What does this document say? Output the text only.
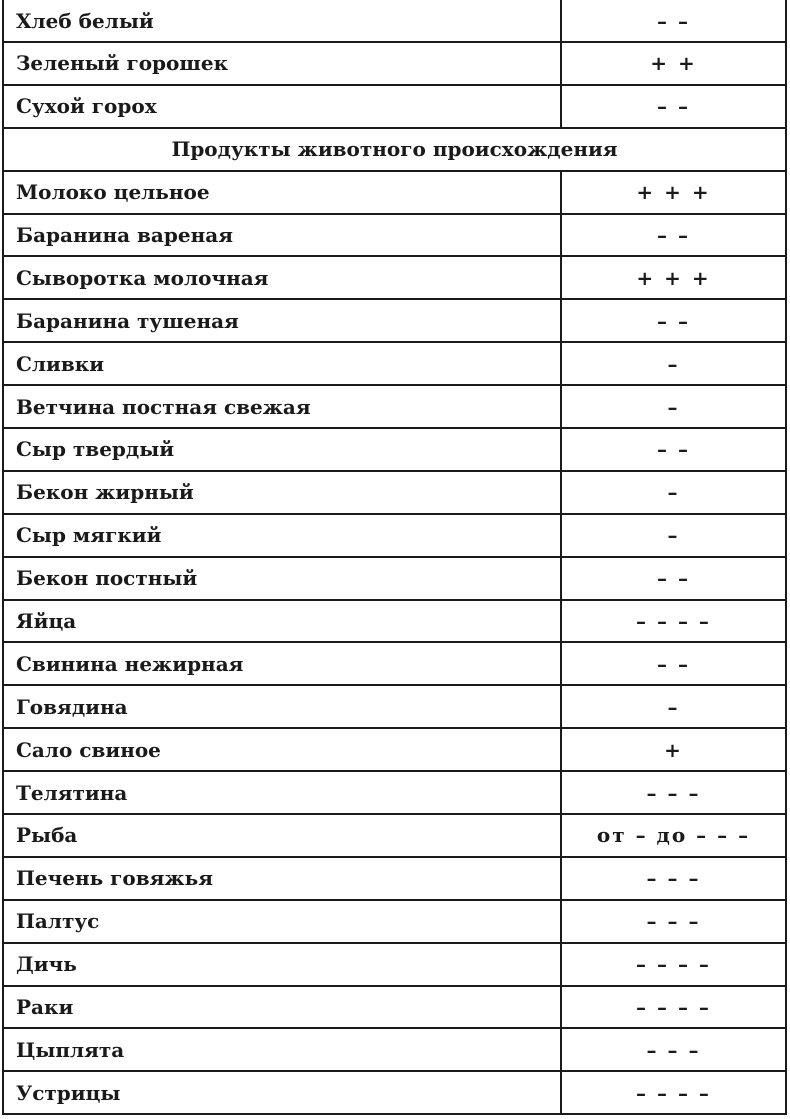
Хлеб белый	– –
Зеленый горошек	+ +
Сухой горох	– –
Продукты животного происхождения
Молоко цельное	+ + +
Баранина вареная	– –
Сыворотка молочная	+ + +
Баранина тушеная	– –
Сливки	–
Ветчина постная свежая	–
Сыр твердый	– –
Бекон жирный	–
Сыр мягкий	–
Бекон постный	– –
Яйца	– – – –
Свинина нежирная	– –
Говядина	–
Сало свиное	+
Телятина	– – –
Рыба	от – до – – –
Печень говяжья	– – –
Палтус	– – –
Дичь	– – – –
Раки	– – – –
Цыплята	– – –
Устрицы	– – – –
